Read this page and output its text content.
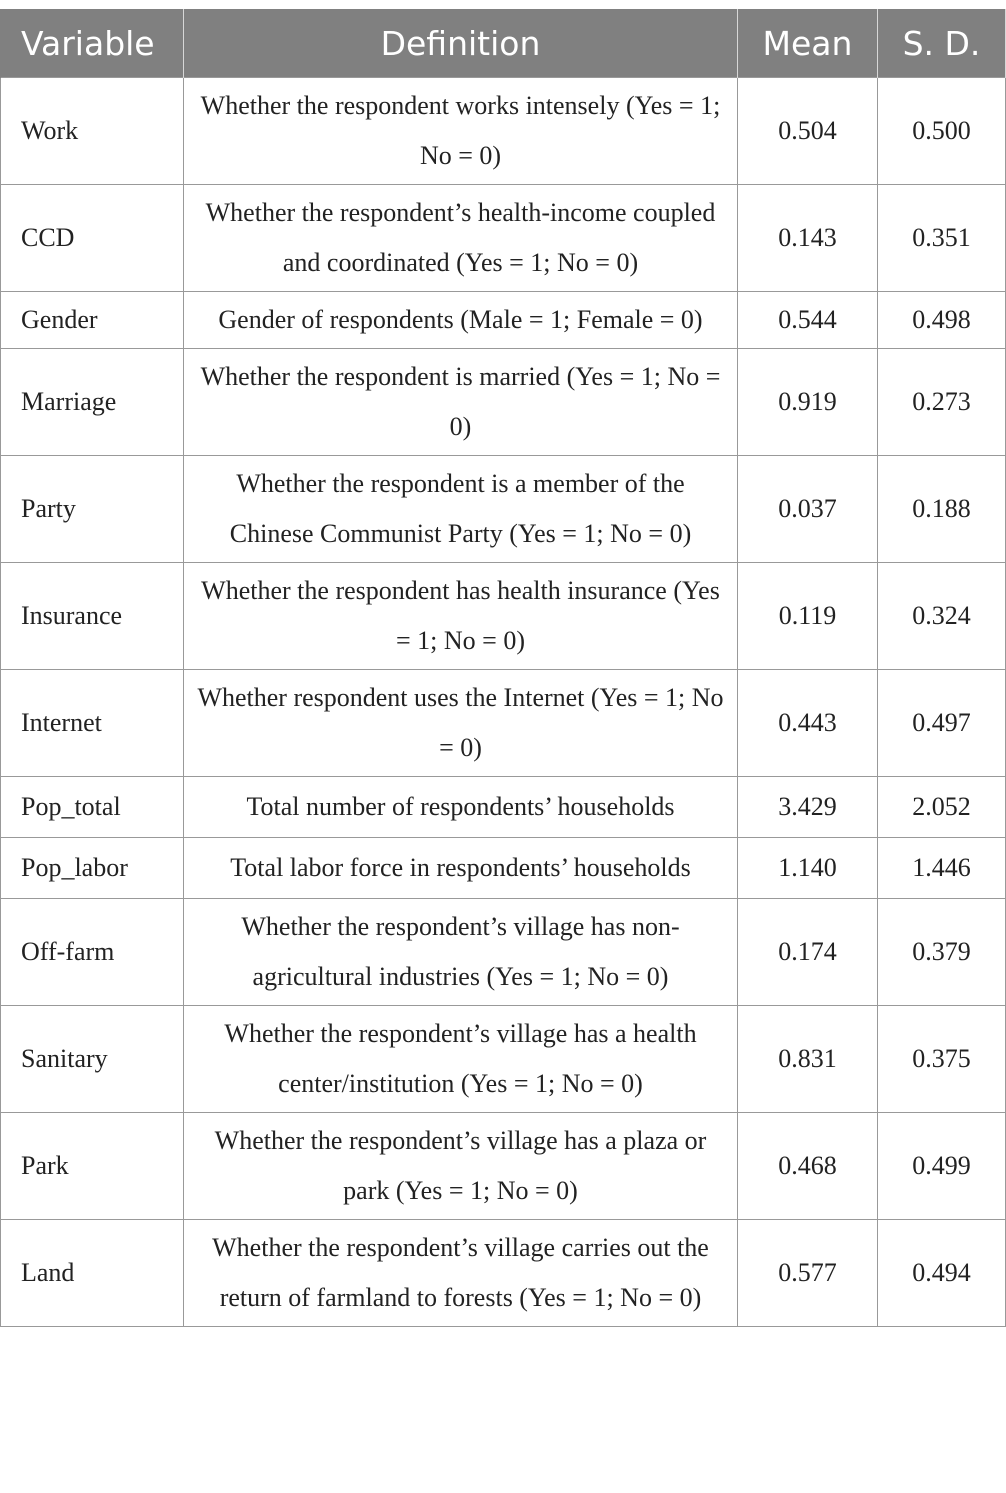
Variable	Definition	Mean	S. D.
Work	Whether the respondent works intensely (Yes = 1; No = 0)	0.504	0.500
CCD	Whether the respondent’s health-income coupled and coordinated (Yes = 1; No = 0)	0.143	0.351
Gender	Gender of respondents (Male = 1; Female = 0)	0.544	0.498
Marriage	Whether the respondent is married (Yes = 1; No = 0)	0.919	0.273
Party	Whether the respondent is a member of the Chinese Communist Party (Yes = 1; No = 0)	0.037	0.188
Insurance	Whether the respondent has health insurance (Yes = 1; No = 0)	0.119	0.324
Internet	Whether respondent uses the Internet (Yes = 1; No = 0)	0.443	0.497
Pop_total	Total number of respondents’ households	3.429	2.052
Pop_labor	Total labor force in respondents’ households	1.140	1.446
Off-farm	Whether the respondent’s village has non-agricultural industries (Yes = 1; No = 0)	0.174	0.379
Sanitary	Whether the respondent’s village has a health center/institution (Yes = 1; No = 0)	0.831	0.375
Park	Whether the respondent’s village has a plaza or park (Yes = 1; No = 0)	0.468	0.499
Land	Whether the respondent’s village carries out the return of farmland to forests (Yes = 1; No = 0)	0.577	0.494
